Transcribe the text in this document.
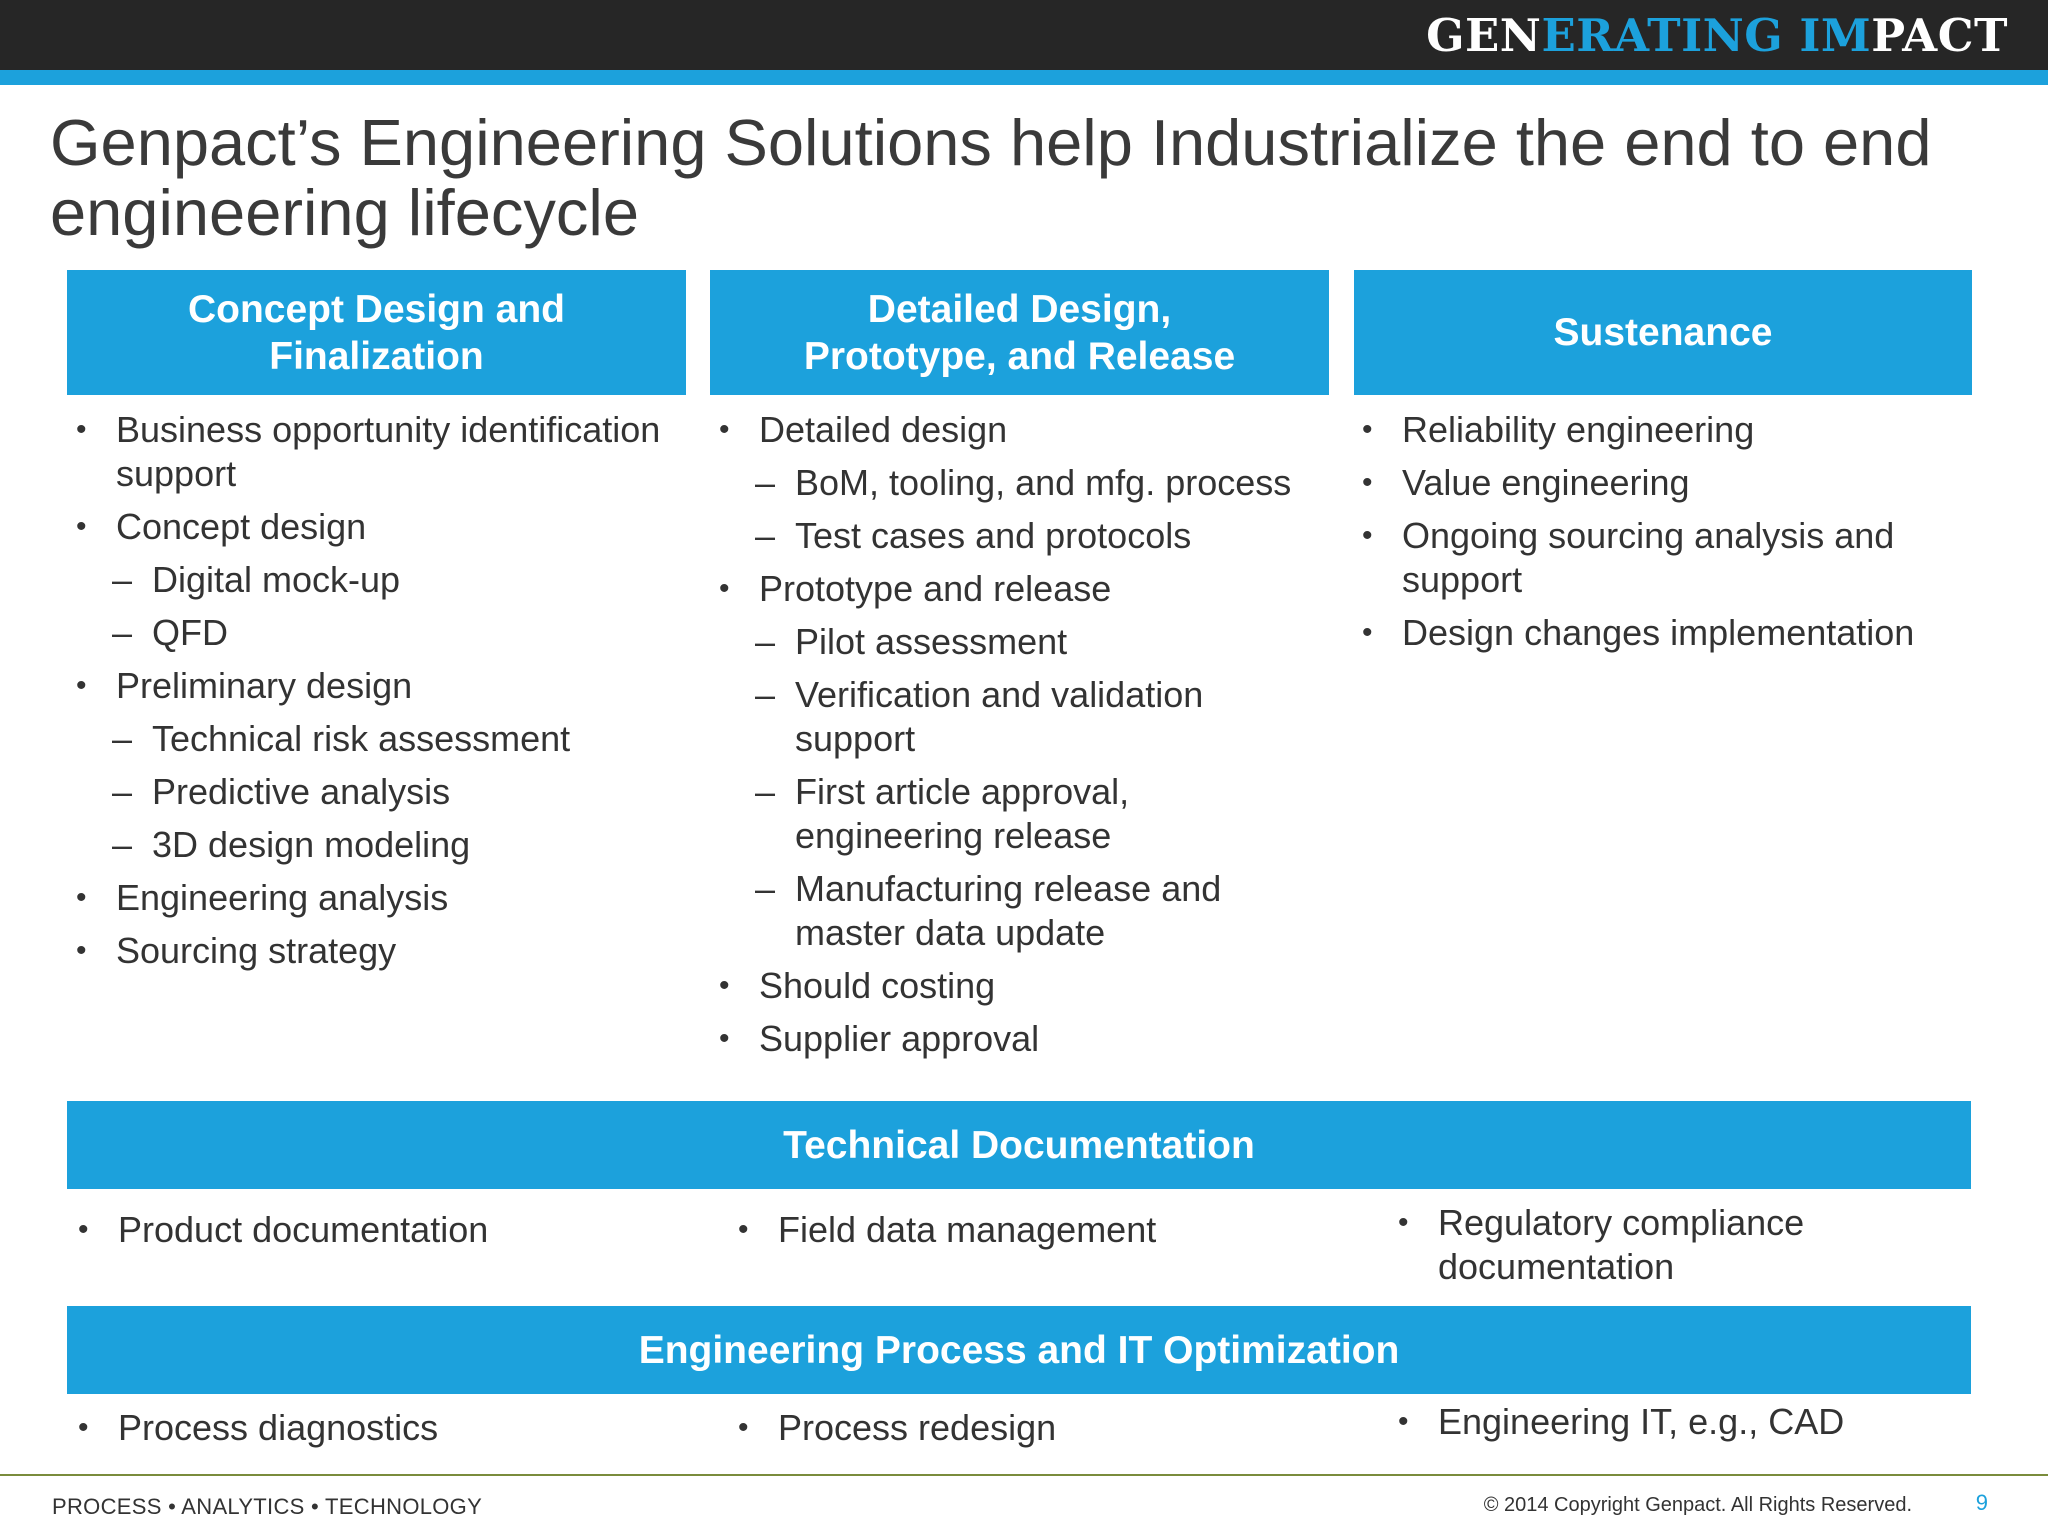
GENERATING IMPACT
Genpact’s Engineering Solutions help Industrialize the end to end engineering lifecycle
Concept Design and Finalization
Detailed Design, Prototype, and Release
Sustenance
• Business opportunity identification support
• Concept design
– Digital mock-up
– QFD
• Preliminary design
– Technical risk assessment
– Predictive analysis
– 3D design modeling
• Engineering analysis
• Sourcing strategy
• Detailed design
– BoM, tooling, and mfg. process
– Test cases and protocols
• Prototype and release
– Pilot assessment
– Verification and validation support
– First article approval, engineering release
– Manufacturing release and master data update
• Should costing
• Supplier approval
• Reliability engineering
• Value engineering
• Ongoing sourcing analysis and support
• Design changes implementation
Technical Documentation
• Product documentation	• Field data management	• Regulatory compliance documentation
Engineering Process and IT Optimization
• Process diagnostics	• Process redesign	• Engineering IT, e.g., CAD
PROCESS • ANALYTICS • TECHNOLOGY	© 2014 Copyright Genpact. All Rights Reserved.	9
